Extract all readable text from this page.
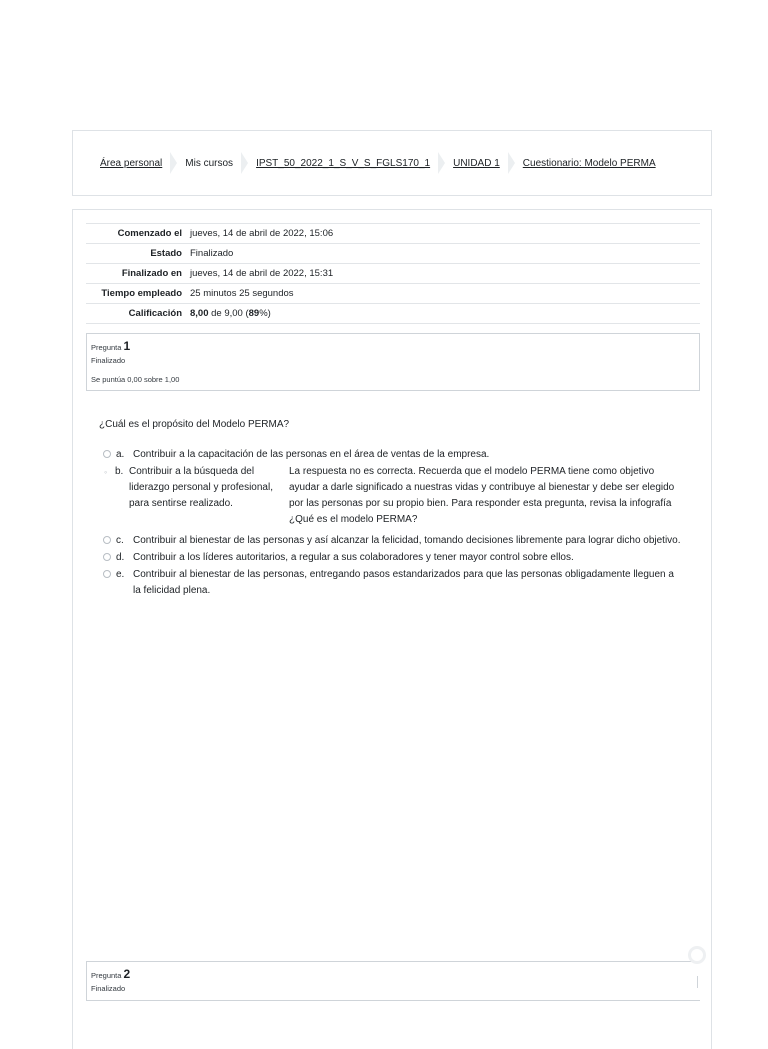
Área personal Mis cursos IPST_50_2022_1_S_V_S_FGLS170_1 UNIDAD 1 Cuestionario: Modelo PERMA
Comenzado el	jueves, 14 de abril de 2022, 15:06
Estado	Finalizado
Finalizado en	jueves, 14 de abril de 2022, 15:31
Tiempo empleado	25 minutos 25 segundos
Calificación	8,00 de 9,00 (89%)
Pregunta 1
Finalizado
Se puntúa 0,00 sobre 1,00
¿Cuál es el propósito del Modelo PERMA?
a. Contribuir a la capacitación de las personas en el área de ventas de la empresa.
◦ b. Contribuir a la búsqueda del liderazgo personal y profesional, para sentirse realizado.
La respuesta no es correcta. Recuerda que el modelo PERMA tiene como objetivo ayudar a darle significado a nuestras vidas y contribuye al bienestar y debe ser elegido por las personas por su propio bien. Para responder esta pregunta, revisa la infografía ¿Qué es el modelo PERMA?
c. Contribuir al bienestar de las personas y así alcanzar la felicidad, tomando decisiones libremente para lograr dicho objetivo.
d. Contribuir a los líderes autoritarios, a regular a sus colaboradores y tener mayor control sobre ellos.
e. Contribuir al bienestar de las personas, entregando pasos estandarizados para que las personas obligadamente lleguen a la felicidad plena.
Pregunta 2
Finalizado
